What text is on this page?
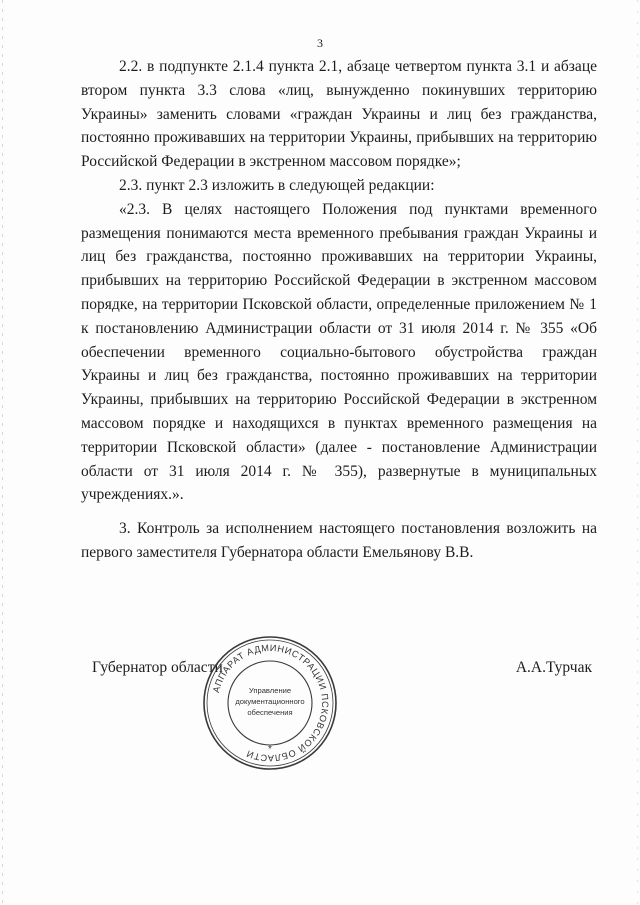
3

2.2. в подпункте 2.1.4 пункта 2.1, абзаце четвертом пункта 3.1 и абзаце втором пункта 3.3 слова «лиц, вынужденно покинувших территорию Украины» заменить словами «граждан Украины и лиц без гражданства, постоянно проживавших на территории Украины, прибывших на территорию Российской Федерации в экстренном массовом порядке»;

2.3. пункт 2.3 изложить в следующей редакции:

«2.3. В целях настоящего Положения под пунктами временного размещения понимаются места временного пребывания граждан Украины и лиц без гражданства, постоянно проживавших на территории Украины, прибывших на территорию Российской Федерации в экстренном массовом порядке, на территории Псковской области, определенные приложением № 1 к постановлению Администрации области от 31 июля 2014 г. № 355 «Об обеспечении временного социально-бытового обустройства граждан Украины и лиц без гражданства, постоянно проживавших на территории Украины, прибывших на территорию Российской Федерации в экстренном массовом порядке и находящихся в пунктах временного размещения на территории Псковской области» (далее - постановление Администрации области от 31 июля 2014 г. № 355), развернутые в муниципальных учреждениях.».

3. Контроль за исполнением настоящего постановления возложить на первого заместителя Губернатора области Емельянову В.В.

Губернатор области	А.А.Турчак
АППАРАТ АДМИНИСТРАЦИИ ПСКОВСКОЙ ОБЛАСТИ
Управление
документационного
обеспечения
*
